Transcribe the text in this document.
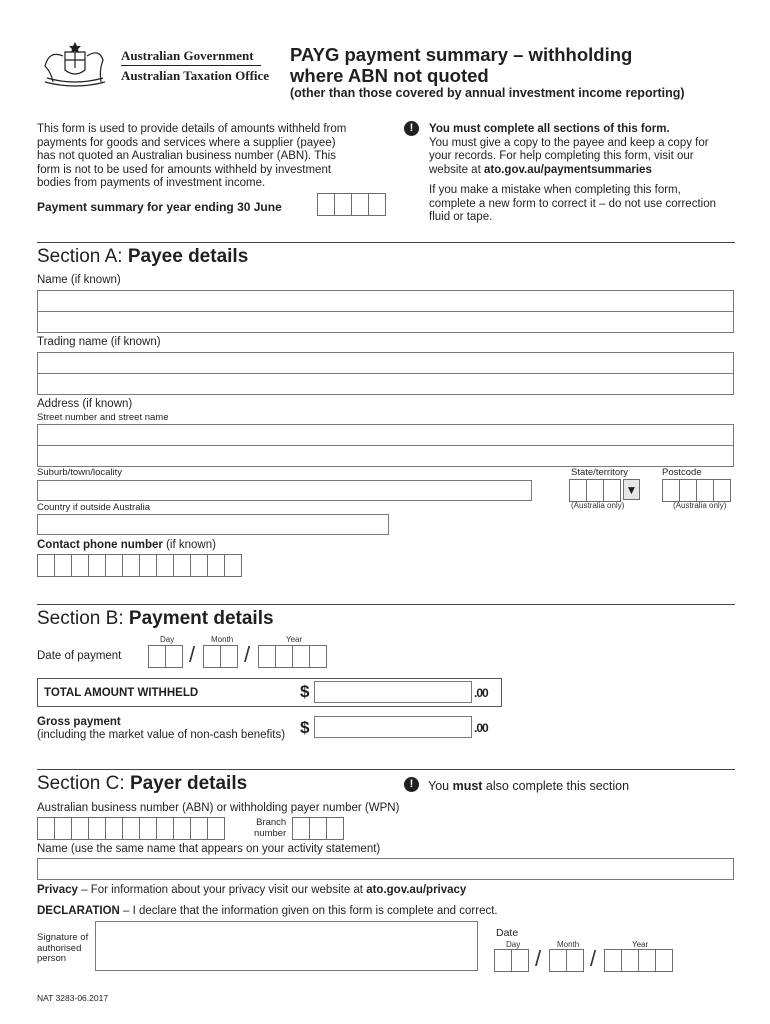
Australian Government
Australian Taxation Office
PAYG payment summary – withholding
where ABN not quoted
(other than those covered by annual investment income reporting)
This form is used to provide details of amounts withheld from
payments for goods and services where a supplier (payee)
has not quoted an Australian business number (ABN). This
form is not to be used for amounts withheld by investment
bodies from payments of investment income.
Payment summary for year ending 30 June
!	You must complete all sections of this form.
You must give a copy to the payee and keep a copy for
your records. For help completing this form, visit our
website at ato.gov.au/paymentsummaries
If you make a mistake when completing this form,
complete a new form to correct it – do not use correction
fluid or tape.
Section A: Payee details
Name (if known)
Trading name (if known)
Address (if known)
Street number and street name
Suburb/town/locality	State/territory
▼
(Australia only)
Postcode
(Australia only)
Country if outside Australia
Contact phone number (if known)
Section B: Payment details
Day	Month	Year
Date of payment	/ /
TOTAL AMOUNT WITHHELD	$	.00
Gross payment
(including the market value of non-cash benefits) $	.00
Section C: Payer details	!	You must also complete this section
Australian business number (ABN) or withholding payer number (WPN)
Branch
number
Name (use the same name that appears on your activity statement)
Privacy – For information about your privacy visit our website at ato.gov.au/privacy
DECLARATION – I declare that the information given on this form is complete and correct.
Signature of
authorised
person
Date
Day	Month	Year
/ /
NAT 3283-06.2017
